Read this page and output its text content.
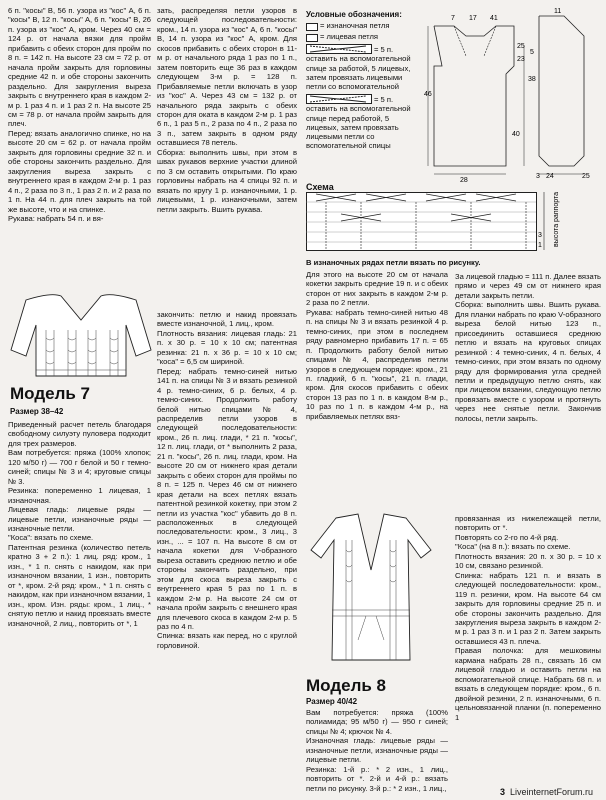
6 п. "косы" В, 56 п. узора из "кос" А, 6 п. "косы" В, 12 п. "косы" А, 6 п. "косы" В, 26 п. узора из "кос" А, кром. Через 40 см = 124 р. от начала вязки для пройм прибавить с обеих сторон для пройм по 8 п. = 142 п. На высоте 23 см = 72 р. от начала пройм закрыть для горловины средние 42 п. и обе стороны закончить раздельно. Для закругления выреза закрыть с внутреннего края в каждом 2-м р. 1 раз 4 п. и 1 раз 2 п. На высоте 25 см = 78 р. от начала пройм закрыть для плеч.
Перед: вязать аналогично спинке, но на высоте 20 см = 62 р. от начала пройм закрыть для горловины средние 32 п. и обе стороны закончить раздельно. Для закругления выреза закрыть с внутреннего края в каждом 2-м р. 1 раз 4 п., 2 раза по 3 п., 1 раз 2 п. и 2 раза по 1 п. На 44 п. для плеч закрыть на той же высоте, что и на спинке.
Рукава: набрать 54 п. и вя-
зать, распределяя петли узоров в следующей последовательности: кром., 14 п. узора из "кос" А, 6 п. "косы" В, 14 п. узора из "кос" А, кром. Для скосов прибавить с обеих сторон в 11-м р. от начального ряда 1 раз по 1 п., затем повторить еще 36 раз в каждом следующем 3-м р. = 128 п. Прибавляемые петли включать в узор из "кос" А. Через 43 см = 132 р. от начального ряда закрыть с обеих сторон для оката в каждом 2-м р. 1 раз 6 п., 1 раз 5 п., 2 раза по 4 п., 2 раза по 3 п., затем закрыть в одном ряду оставшиеся 78 петель.
Сборка: выполнить швы, при этом в швах рукавов верхние участки длиной по 3 см оставить открытыми. По краю горловины набрать на 4 спицы 92 п. и вязать по кругу 1 р. изнаночными, 1 р. лицевыми, 1 р. изнаночными, затем петли закрыть. Вшить рукава.
Условные обозначения:
= изнаночная петля
= лицевая петля
= 5 п. оставить на вспомогательной спице за работой, 5 лицевых, затем провязать лицевыми петли со вспомогательной
= 5 п. оставить на вспомогательной спице перед работой, 5 лицевых, затем провязать лицевыми петли со вспомогательной спицы
7 17 41
25
23
11
5
38
46
40
28
3 24	25
Схема
высота раппорта
1
3
В изнаночных рядах петли вязать по рисунку.
Для этого на высоте 20 см от начала кокетки закрыть средние 19 п. и с обеих сторон от них закрыть в каждом 2-м р. 2 раза по 2 петли.
Рукава: набрать темно-синей нитью 48 п. на спицы № 3 и вязать резинкой 4 р. темно-синих, при этом в последнем ряду равномерно прибавить 17 п. = 65 п. Продолжить работу белой нитью спицами № 4, распределив петли узоров в следующем порядке: кром., 21 п. гладкий, 6 п. "косы", 21 п. глади, кром. Для скосов прибавить с обеих сторон 13 раз по 1 п. в каждом 8-м р., 10 раз по 1 п. в каждом 4-м р., на прибавляемых петлях вяз-
За лицевой гладью = 111 п. Далее вязать прямо и через 49 см от нижнего края детали закрыть петли.
Сборка: выполнить швы. Вшить рукава. Для планки набрать по краю V-образного выреза белой нитью 123 п., присоединить оставшиеся среднюю петлю и вязать на круговых спицах резинкой : 4 темно-синих, 4 п. белых, 4 темно-синих, при этом вязать по одному ряду для формирования угла средней петли и предыдущую петлю снять, как при лицевом вязании, следующую петлю провязать вместе с узором и протянуть через нее снятые петли. Закончив полосы, петли закрыть.
Модель 7
Размер 38–42
Приведенный расчет петель благодаря свободному силуэту пуловера подходит для трех размеров.
Вам потребуется: пряжа (100% хлопок; 120 м/50 г) — 700 г белой и 50 г темно-синей; спицы № 3 и 4; круговые спицы № 3.
Резинка: попеременно 1 лицевая, 1 изнаночная.
Лицевая гладь: лицевые ряды — лицевые петли, изнаночные ряды — изнаночные петли.
"Коса": вязать по схеме.
Патентная резинка (количество петель кратно 3 + 2 п.): 1 лиц. ряд: кром., 1 изн., * 1 п. снять с накидом, как при изнаночном вязании, 1 изн., повторить от *, кром. 2-й ряд: кром., * 1 п. снять с накидом, как при изнаночном вязании, 1 изн., кром. Изн. ряды: кром., 1 лиц., * снятую петлю и накид провязать вместе изнаночной, 2 лиц., повторить от *, 1
закончить: петлю и накид провязать вместе изнаночной, 1 лиц., кром.
Плотность вязания: лицевая гладь: 21 п. x 30 р. = 10 x 10 см; патентная резинка: 21 п. x 36 р. = 10 x 10 см; "коса" = 6,5 см шириной.
Перед: набрать темно-синей нитью 141 п. на спицы № 3 и вязать резинкой 4 р. темно-синих, 6 р. белых, 4 р. темно-синих. Продолжить работу белой нитью спицами № 4, распределив петли узоров в следующей последовательности: кром., 26 п. лиц. глади, * 21 п. "косы", 12 п. лиц. глади, от * выполнить 2 раза, 21 п. "косы", 26 п. лиц. глади, кром. На высоте 20 см от нижнего края детали закрыть с обеих сторон для проймы по 8 п. = 125 п. Через 46 см от нижнего края детали на всех петлях вязать патентной резинкой кокетку, при этом 2 петли из участка "кос" убавить до 8 п. расположенных в следующей последовательности: кром., 3 лиц., 3 изн., ... = 107 п. На высоте 8 см от начала кокетки для V-образного выреза оставить среднюю петлю и обе стороны закончить раздельно, при этом для скоса выреза закрыть с внутреннего края 5 раз по 1 п. в каждом 2-м р. На высоте 24 см от начала пройм закрыть с внешнего края для плечевого скоса в каждом 2-м р. 5 раз по 4 п.
Спинка: вязать как перед, но с круглой горловиной.
Модель 8
Размер 40/42
Вам потребуется: пряжа (100% полиамида; 95 м/50 г) — 950 г синей; спицы № 4; крючок № 4.
Изнаночная гладь: лицевые ряды — изнаночные петли, изнаночные ряды — лицевые петли.
Резинка: 1-й р.: * 2 изн., 1 лиц., повторить от *. 2-й и 4-й р.: вязать петли по рисунку. 3-й р.: * 2 изн., 1 лиц.,
провязанная из нижележащей петли, повторить от *.
Повторять со 2-го по 4-й ряд.
"Коса" (на 8 п.): вязать по схеме.
Плотность вязания: 20 п. x 30 р. = 10 x 10 см, связано резинкой.
Спинка: набрать 121 п. и вязать в следующей последовательности: кром., 119 п. резинки, кром. На высоте 64 см закрыть для горловины средние 25 п. и обе стороны закончить раздельно. Для закругления выреза закрыть в каждом 2-м р. 1 раз 3 п. и 1 раз 2 п. Затем закрыть оставшиеся 43 п. плеча.
Правая полочка: для мешковины кармана набрать 28 п., связать 16 см лицевой гладью и оставить петли на вспомогательной спице. Набрать 68 п. и вязать в следующем порядке: кром., 6 п. двойной резинки, 2 п. изнаночными, 6 п. цельновязанной планки (п. попеременно 1
3 LiveinternetForum.ru
